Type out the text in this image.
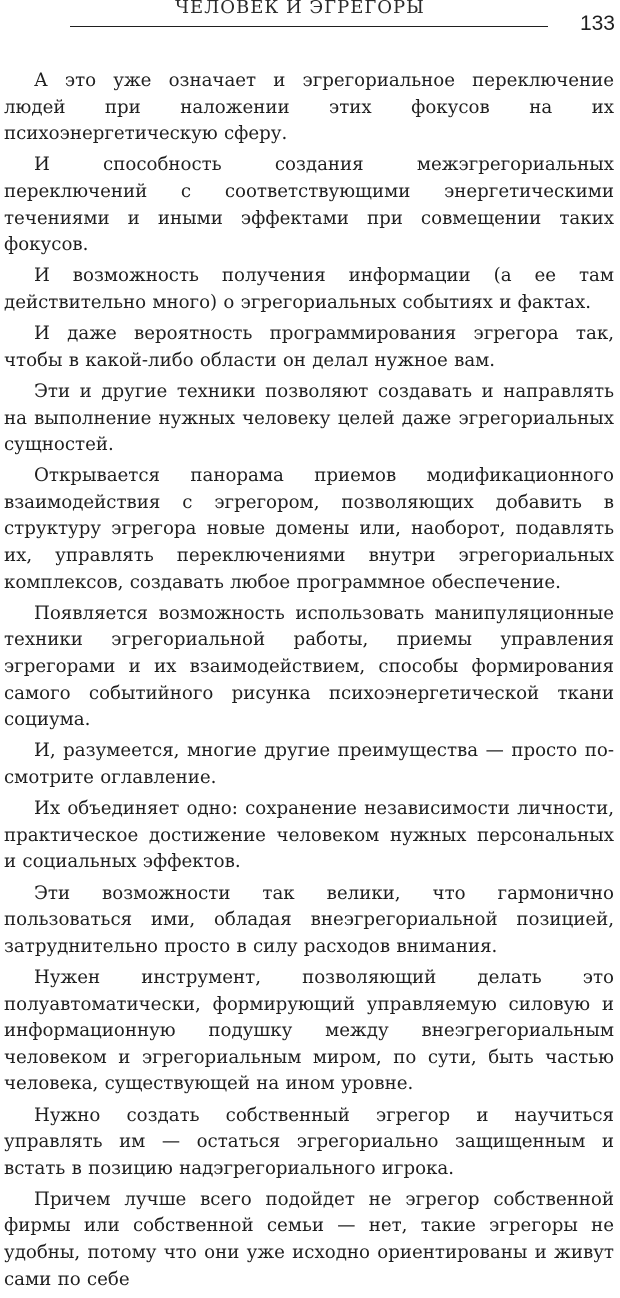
ЧЕЛОВЕК И ЭГРЕГОРЫ
133

А это уже означает и эгрегориальное переключение людей при наложении этих фокусов на их психоэнергетическую сферу.

И способность создания межэгрегориальных переключений с соответствующими энергетическими течениями и иными эффектами при совмещении таких фокусов.

И возможность получения информации (а ее там действительно много) о эгрегориальных событиях и фактах.

И даже вероятность программирования эгрегора так, чтобы в какой-либо области он делал нужное вам.

Эти и другие техники позволяют создавать и направлять на выполнение нужных человеку целей даже эгрегориальных сущностей.

Открывается панорама приемов модификационного взаимодействия с эгрегором, позволяющих добавить в структуру эгрегора новые домены или, наоборот, подавлять их, управлять переключениями внутри эгрегориальных комплексов, создавать любое программное обеспечение.

Появляется возможность использовать манипуляционные техники эгрегориальной работы, приемы управления эгрегорами и их взаимодействием, способы формирования самого событийного рисунка психоэнергетической ткани социума.

И, разумеется, многие другие преимущества — просто посмотрите оглавление.

Их объединяет одно: сохранение независимости личности, практическое достижение человеком нужных персональных и социальных эффектов.

Эти возможности так велики, что гармонично пользоваться ими, обладая внеэгрегориальной позицией, затруднительно просто в силу расходов внимания.

Нужен инструмент, позволяющий делать это полуавтоматически, формирующий управляемую силовую и информационную подушку между внеэгрегориальным человеком и эгрегориальным миром, по сути, быть частью человека, существующей на ином уровне.

Нужно создать собственный эгрегор и научиться управлять им — остаться эгрегориально защищенным и встать в позицию надэгрегориального игрока.

Причем лучше всего подойдет не эгрегор собственной фирмы или собственной семьи — нет, такие эгрегоры не удобны, потому что они уже исходно ориентированы и живут сами по себе
